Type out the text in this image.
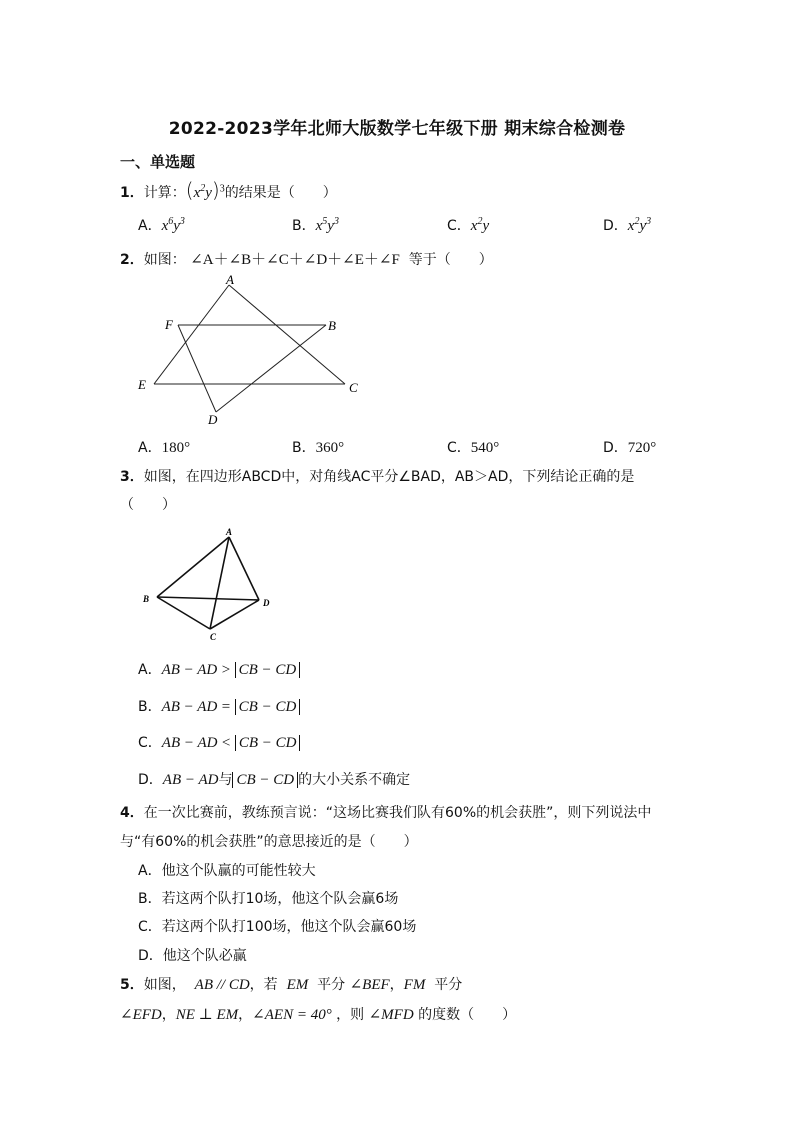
2022-2023学年北师大版数学七年级下册 期末综合检测卷
一、单选题
1．计算：$(x^2y)^3$的结果是（　　）
A．$x^6y^3$	B．$x^5y^3$	C．$x^2y$	D．$x^2y^3$
2．如图： ∠A＋∠B＋∠C＋∠D＋∠E＋∠F 等于（　　）
A
B
C
D
E
F
A．180°	B．360°	C．540°	D．720°
3．如图，在四边形ABCD中，对角线AC平分∠BAD，AB＞AD，下列结论正确的是
（　　）
A
B
C
D
A．AB − AD > CB − CD
B．AB − AD = CB − CD
C．AB − AD < CB − CD
D．AB − AD与 CB − CD 的大小关系不确定
4．在一次比赛前，教练预言说：“这场比赛我们队有60%的机会获胜”，则下列说法中
与“有60%的机会获胜”的意思接近的是（　　）
A．他这个队赢的可能性较大
B．若这两个队打10场，他这个队会赢6场
C．若这两个队打100场，他这个队会赢60场
D．他这个队必赢
5．如图， AB // CD，若 EM 平分 ∠BEF，FM 平分
∠EFD，NE ⊥ EM，∠AEN = 40° ，则 ∠MFD 的度数（　　）
